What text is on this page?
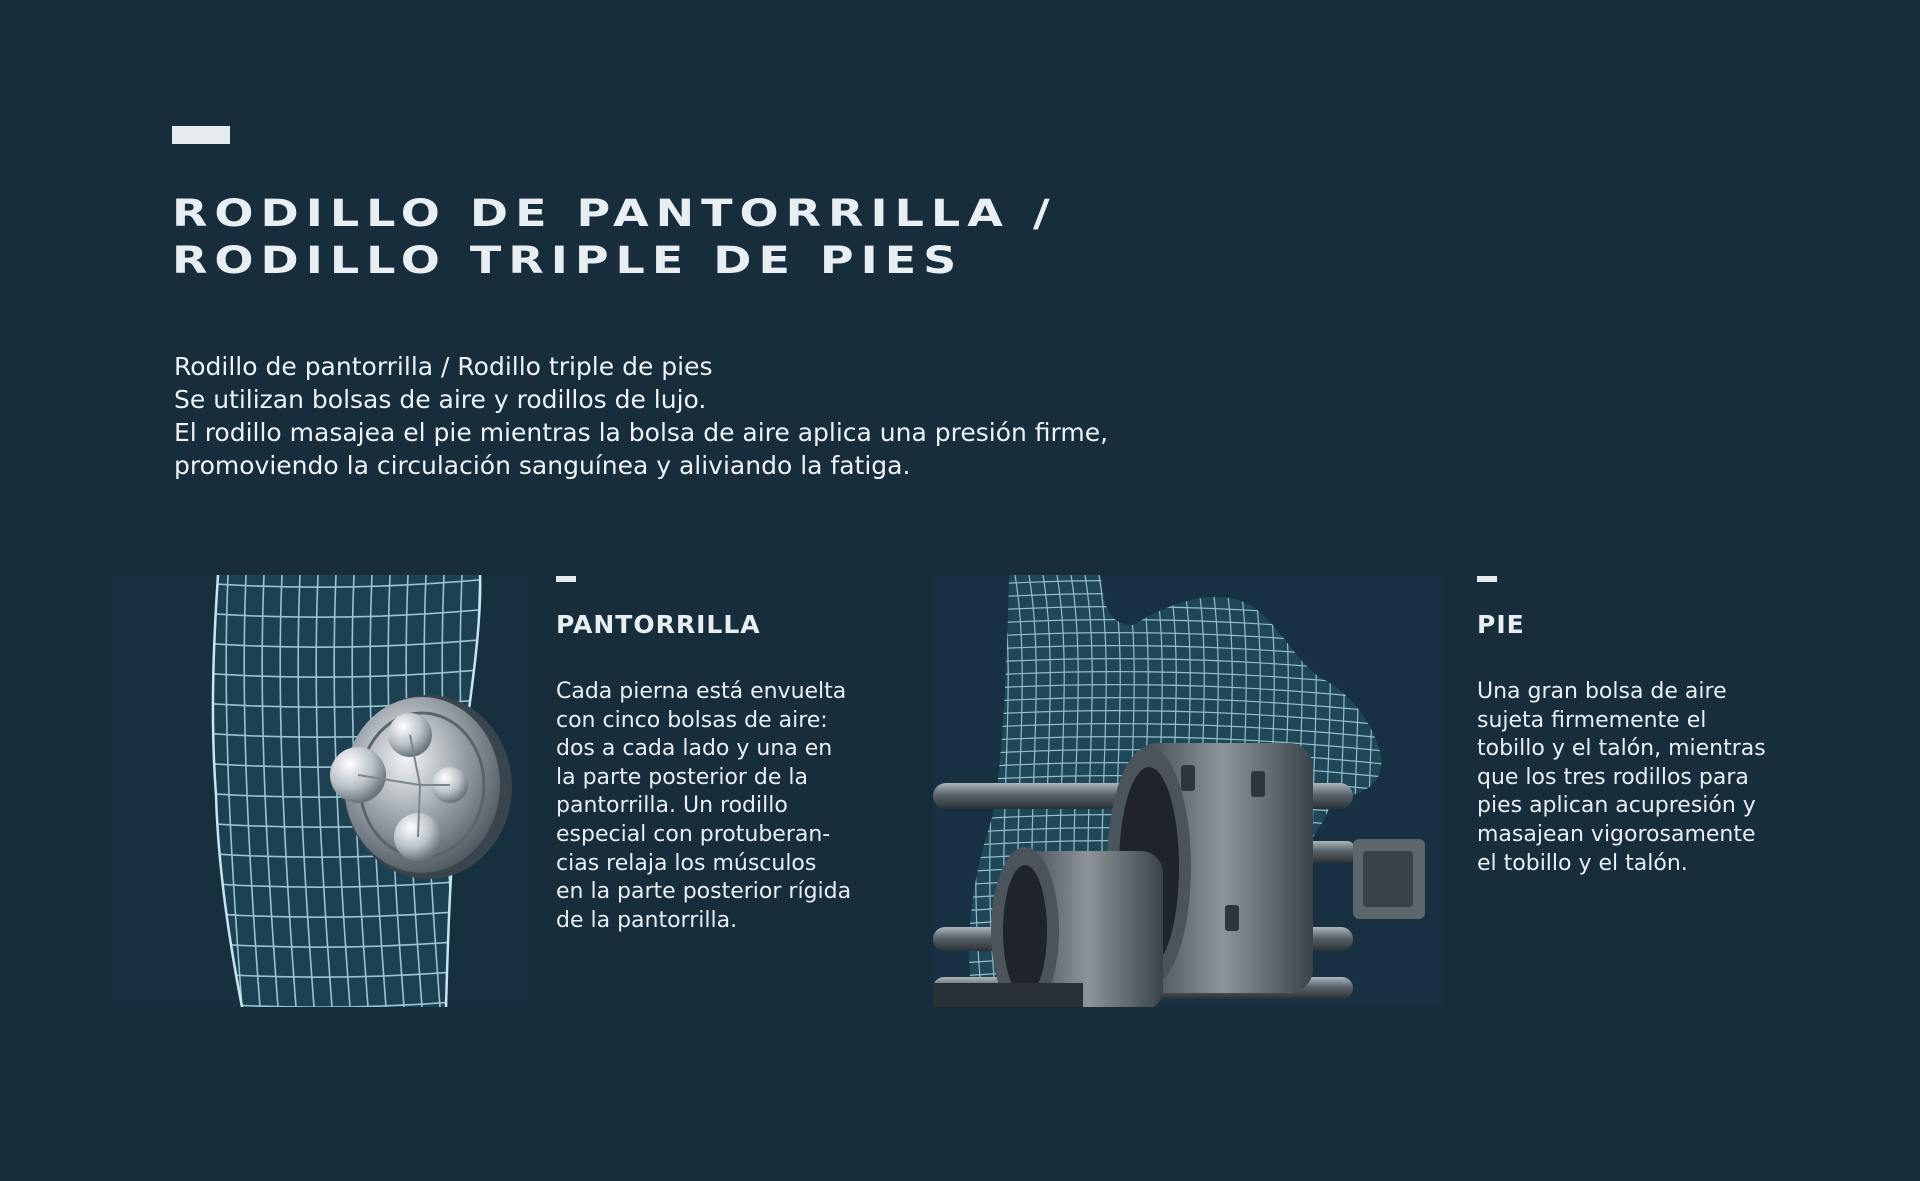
RODILLO DE PANTORRILLA /
RODILLO TRIPLE DE PIES
Rodillo de pantorrilla / Rodillo triple de pies
Se utilizan bolsas de aire y rodillos de lujo.
El rodillo masajea el pie mientras la bolsa de aire aplica una presión firme,
promoviendo la circulación sanguínea y aliviando la fatiga.
PANTORRILLA
Cada pierna está envuelta
con cinco bolsas de aire:
dos a cada lado y una en
la parte posterior de la
pantorrilla. Un rodillo
especial con protuberan-
cias relaja los músculos
en la parte posterior rígida
de la pantorrilla.
PIE
Una gran bolsa de aire
sujeta firmemente el
tobillo y el talón, mientras
que los tres rodillos para
pies aplican acupresión y
masajean vigorosamente
el tobillo y el talón.
